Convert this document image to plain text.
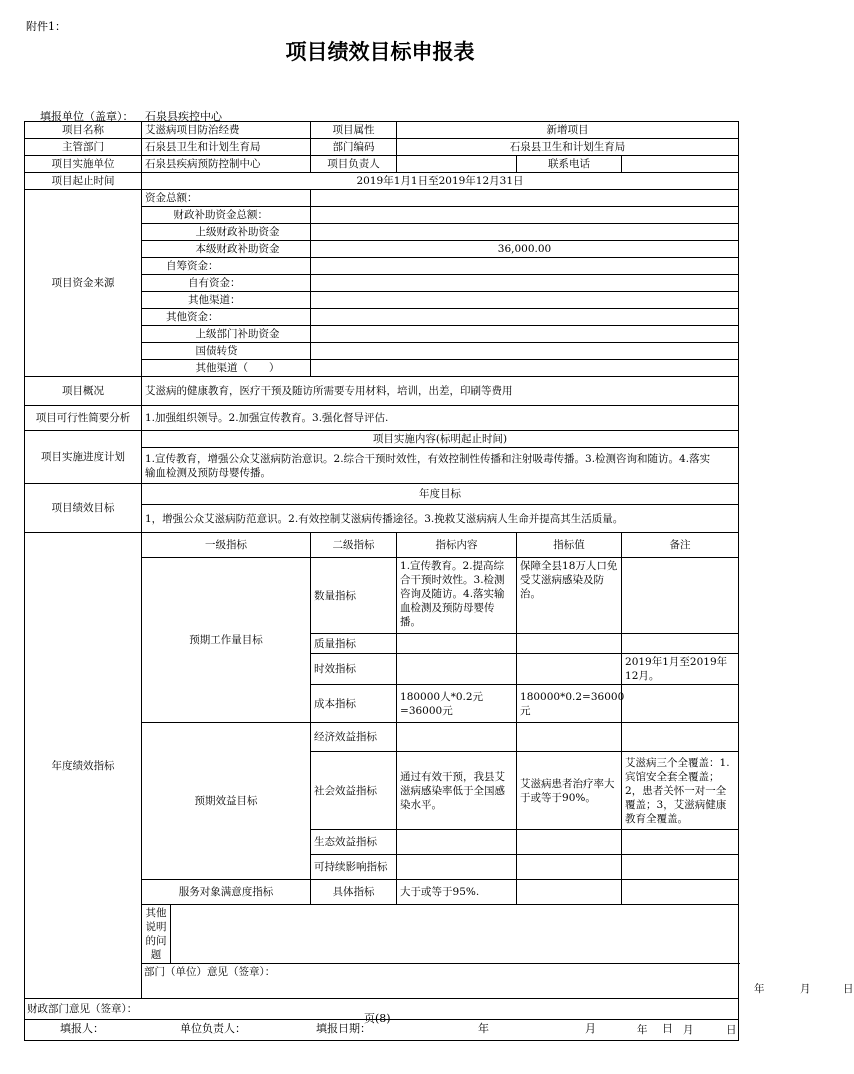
附件1：
项目绩效目标申报表
填报单位（盖章）： 石泉县疾控中心
项目名称	艾滋病项目防治经费			项目属性	新增项目		
主管部门	石泉县卫生和计划生育局			部门编码	石泉县卫生和计划生育局		
项目实施单位	石泉县疾病预防控制中心			项目负责人		联系电话	
项目起止时间	2019年1月1日至2019年12月31日						
项目资金来源	资金总额：						
		财政补助资金总额：					
			上级财政补助资金				
			本级财政补助资金	36,000.00			
	自筹资金：						
	自有资金：						
	其他渠道：						
	其他资金：						
			上级部门补助资金				
			国债转贷				
			其他渠道（　　）				
项目概况	艾滋病的健康教育，医疗干预及随访所需要专用材料，培训，出差，印刷等费用						
项目可行性简要分析	1.加强组织领导。2.加强宣传教育。3.强化督导评估.						
项目实施进度计划	项目实施内容(标明起止时间)						
	1.宣传教育，增强公众艾滋病防治意识。2.综合干预时效性，有效控制性传播和注射吸毒传播。3.检测咨询和随访。4.落实　　输血检测及预防母婴传播。						
项目绩效目标	年度目标						
	1，增强公众艾滋病防范意识。2.有效控制艾滋病传播途径。3.挽救艾滋病病人生命并提高其生活质量。						
年度绩效指标	一级指标			二级指标	指标内容	指标值	备注
	预期工作量目标			数量指标	1.宣传教育。2.提高综合干预时效性。3.检测咨询及随访。4.落实输血检测及预防母婴传播。	保障全县18万人口免受艾滋病感染及防治。	
				质量指标			
				时效指标			2019年1月至2019年12月。
				成本指标	180000人*0.2元=36000元	180000*0.2=36000元	
	预期效益目标			经济效益指标			
				社会效益指标	通过有效干预，我县艾滋病感染率低于全国感染水平。	艾滋病患者治疗率大于或等于90%。	艾滋病三个全覆盖：1.宾馆安全套全覆盖；2，患者关怀一对一全覆盖；3，艾滋病健康教育全覆盖。
				生态效益指标			
				可持续影响指标			
	服务对象满意度指标			具体指标	大于或等于95%.		
	其他说明的问题						

	部门（单位）意见（签章）：
年 月 日						

财政部门意见（签章）：							

年 月 日							
页(8)
填报人：	单位负责人：	填报日期：	年	月	日
